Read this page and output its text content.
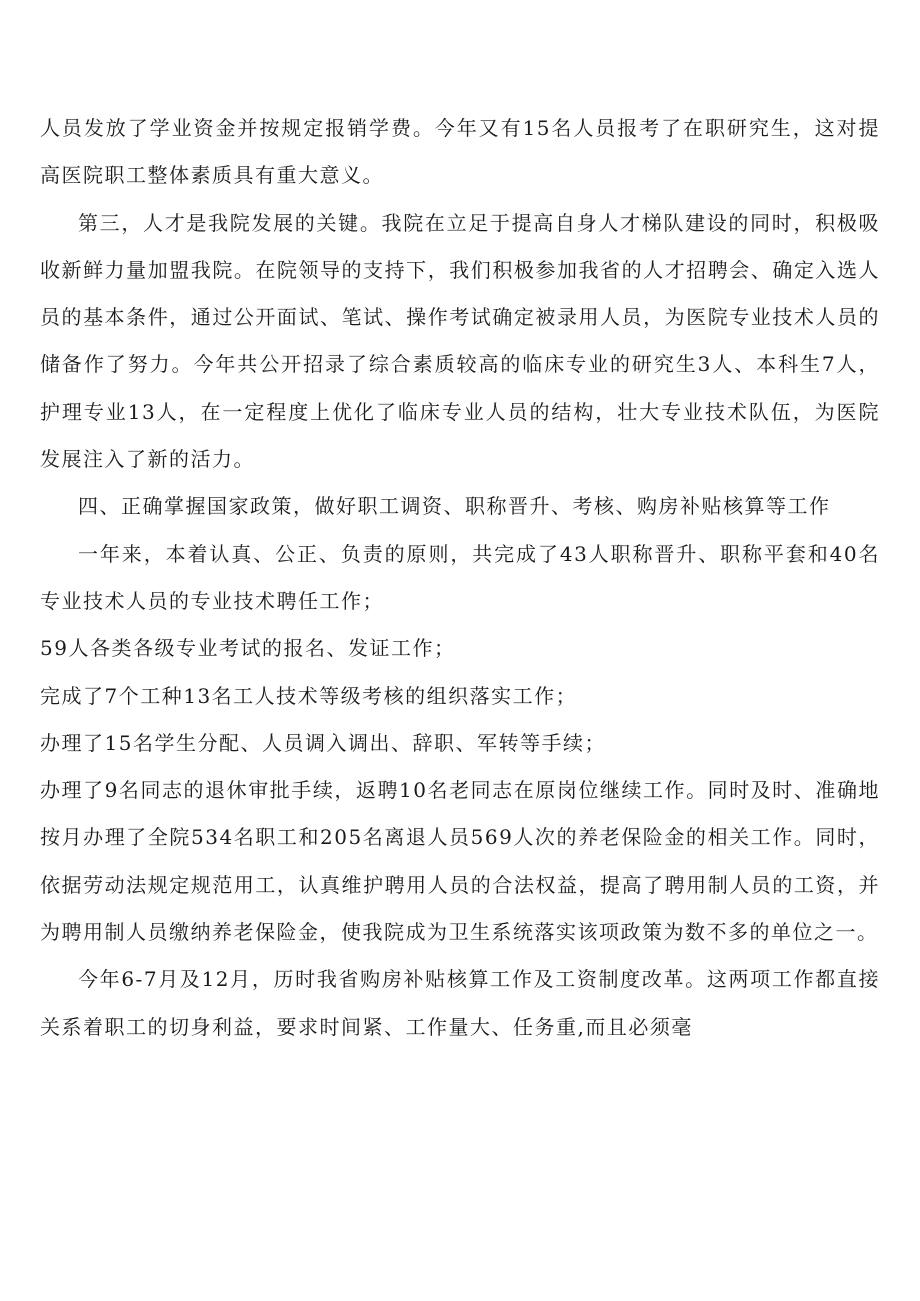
人员发放了学业资金并按规定报销学费。今年又有15名人员报考了在职研究生，这对提高医院职工整体素质具有重大意义。

第三，人才是我院发展的关键。我院在立足于提高自身人才梯队建设的同时，积极吸收新鲜力量加盟我院。在院领导的支持下，我们积极参加我省的人才招聘会、确定入选人员的基本条件，通过公开面试、笔试、操作考试确定被录用人员，为医院专业技术人员的储备作了努力。今年共公开招录了综合素质较高的临床专业的研究生3人、本科生7人，护理专业13人，在一定程度上优化了临床专业人员的结构，壮大专业技术队伍，为医院发展注入了新的活力。

四、正确掌握国家政策，做好职工调资、职称晋升、考核、购房补贴核算等工作

一年来，本着认真、公正、负责的原则，共完成了43人职称晋升、职称平套和40名专业技术人员的专业技术聘任工作；

59人各类各级专业考试的报名、发证工作；

完成了7个工种13名工人技术等级考核的组织落实工作；

办理了15名学生分配、人员调入调出、辞职、军转等手续；

办理了9名同志的退休审批手续，返聘10名老同志在原岗位继续工作。同时及时、准确地按月办理了全院534名职工和205名离退人员569人次的养老保险金的相关工作。同时，依据劳动法规定规范用工，认真维护聘用人员的合法权益，提高了聘用制人员的工资，并为聘用制人员缴纳养老保险金，使我院成为卫生系统落实该项政策为数不多的单位之一。

今年6-7月及12月，历时我省购房补贴核算工作及工资制度改革。这两项工作都直接关系着职工的切身利益，要求时间紧、工作量大、任务重,而且必须毫
